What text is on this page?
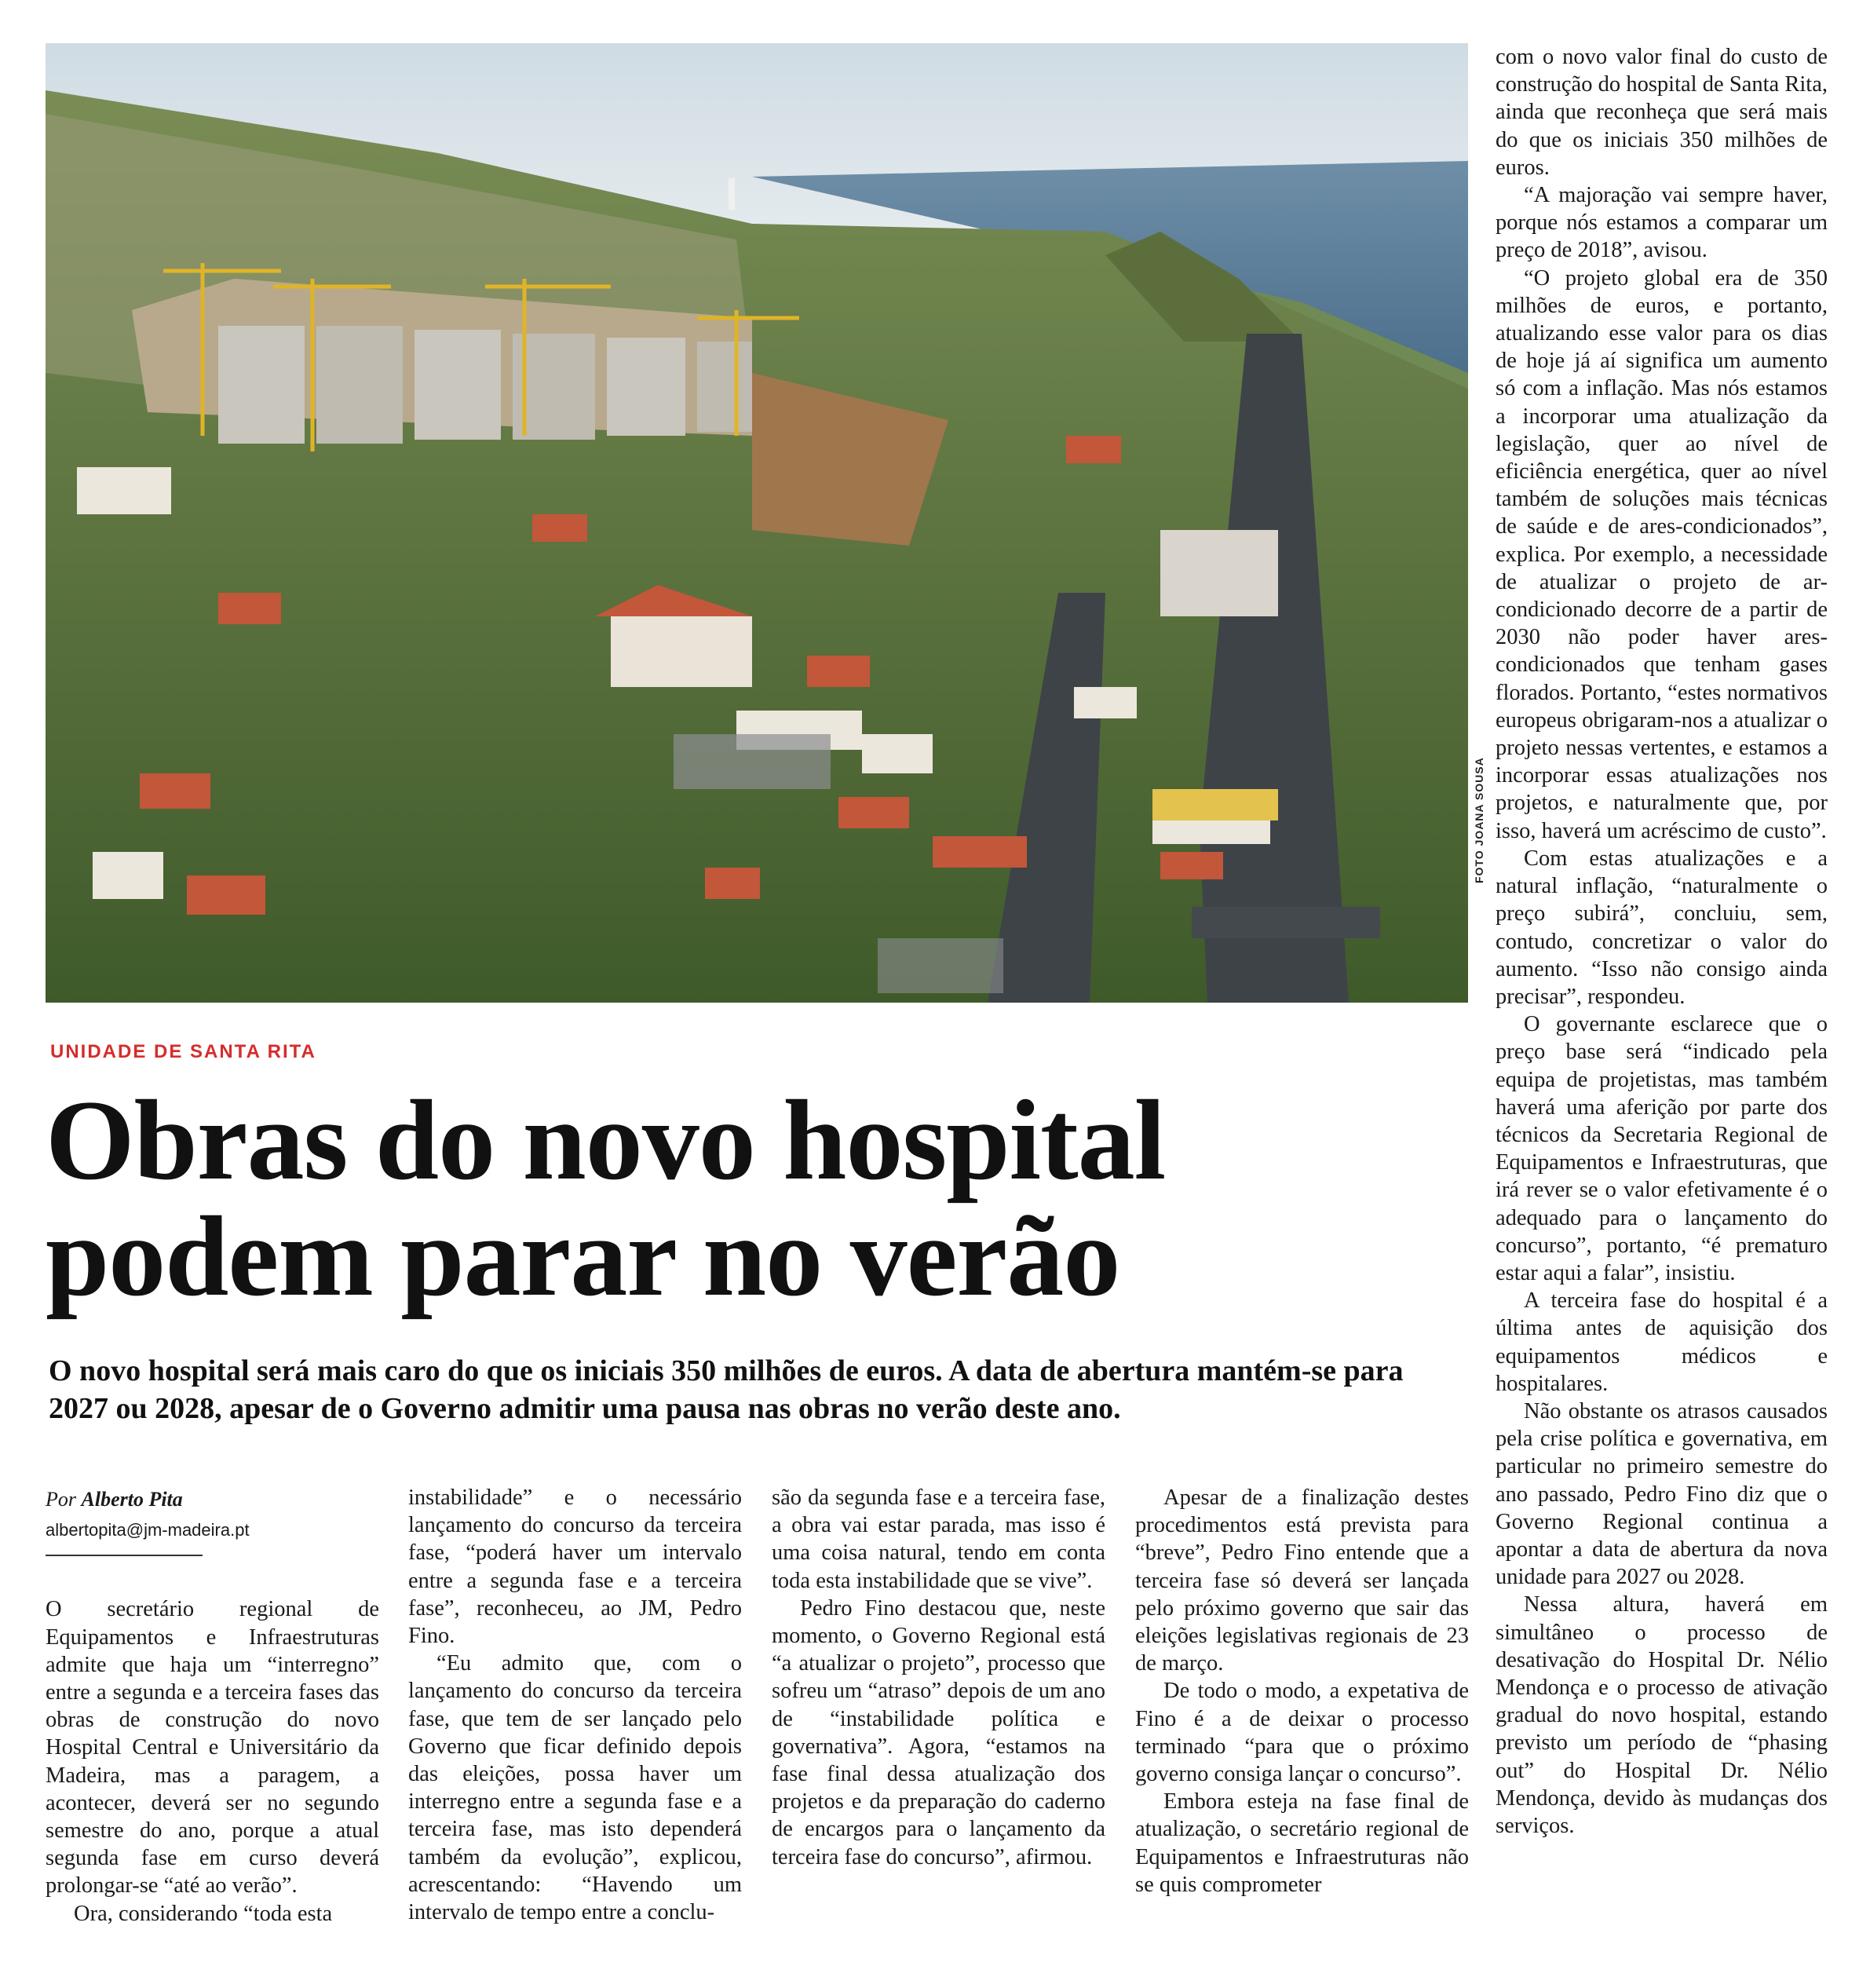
FOTO JOANA SOUSA
UNIDADE DE SANTA RITA
Obras do novo hospital
podem parar no verão
O novo hospital será mais caro do que os iniciais 350 milhões de euros. A data de abertura mantém-se para 2027 ou 2028, apesar de o Governo admitir uma pausa nas obras no verão deste ano.
Por Alberto Pita
albertopita@jm-madeira.pt

O secretário regional de Equipamentos e Infraestruturas admite que haja um “interregno” entre a segunda e a terceira fases das obras de construção do novo Hospital Central e Universitário da Madeira, mas a paragem, a acontecer, deverá ser no segundo semestre do ano, porque a atual segunda fase em curso deverá prolongar-se “até ao verão”.

Ora, considerando “toda esta

instabilidade” e o necessário lançamento do concurso da terceira fase, “poderá haver um intervalo entre a segunda fase e a terceira fase”, reconheceu, ao JM, Pedro Fino.

“Eu admito que, com o lançamento do concurso da terceira fase, que tem de ser lançado pelo Governo que ficar definido depois das eleições, possa haver um interregno entre a segunda fase e a terceira fase, mas isto dependerá também da evolução”, explicou, acrescentando: “Havendo um intervalo de tempo entre a conclu-

são da segunda fase e a terceira fase, a obra vai estar parada, mas isso é uma coisa natural, tendo em conta toda esta instabilidade que se vive”.

Pedro Fino destacou que, neste momento, o Governo Regional está “a atualizar o projeto”, processo que sofreu um “atraso” depois de um ano de “instabilidade política e governativa”. Agora, “estamos na fase final dessa atualização dos projetos e da preparação do caderno de encargos para o lançamento da terceira fase do concurso”, afirmou.

Apesar de a finalização destes procedimentos está prevista para “breve”, Pedro Fino entende que a terceira fase só deverá ser lançada pelo próximo governo que sair das eleições legislativas regionais de 23 de março.

De todo o modo, a expetativa de Fino é a de deixar o processo terminado “para que o próximo governo consiga lançar o concurso”.

Embora esteja na fase final de atualização, o secretário regional de Equipamentos e Infraestruturas não se quis comprometer

com o novo valor final do custo de construção do hospital de Santa Rita, ainda que reconheça que será mais do que os iniciais 350 milhões de euros.

“A majoração vai sempre haver, porque nós estamos a comparar um preço de 2018”, avisou.

“O projeto global era de 350 milhões de euros, e portanto, atualizando esse valor para os dias de hoje já aí significa um aumento só com a inflação. Mas nós estamos a incorporar uma atualização da legislação, quer ao nível de eficiência energética, quer ao nível também de soluções mais técnicas de saúde e de ares-condicionados”, explica. Por exemplo, a necessidade de atualizar o projeto de ar-condicionado decorre de a partir de 2030 não poder haver ares-condicionados que tenham gases florados. Portanto, “estes normativos europeus obrigaram-nos a atualizar o projeto nessas vertentes, e estamos a incorporar essas atualizações nos projetos, e naturalmente que, por isso, haverá um acréscimo de custo”.

Com estas atualizações e a natural inflação, “naturalmente o preço subirá”, concluiu, sem, contudo, concretizar o valor do aumento. “Isso não consigo ainda precisar”, respondeu.

O governante esclarece que o preço base será “indicado pela equipa de projetistas, mas também haverá uma aferição por parte dos técnicos da Secretaria Regional de Equipamentos e Infraestruturas, que irá rever se o valor efetivamente é o adequado para o lançamento do concurso”, portanto, “é prematuro estar aqui a falar”, insistiu.

A terceira fase do hospital é a última antes de aquisição dos equipamentos médicos e hospitalares.

Não obstante os atrasos causados pela crise política e governativa, em particular no primeiro semestre do ano passado, Pedro Fino diz que o Governo Regional continua a apontar a data de abertura da nova unidade para 2027 ou 2028.

Nessa altura, haverá em simultâneo o processo de desativação do Hospital Dr. Nélio Mendonça e o processo de ativação gradual do novo hospital, estando previsto um período de “phasing out” do Hospital Dr. Nélio Mendonça, devido às mudanças dos serviços.
